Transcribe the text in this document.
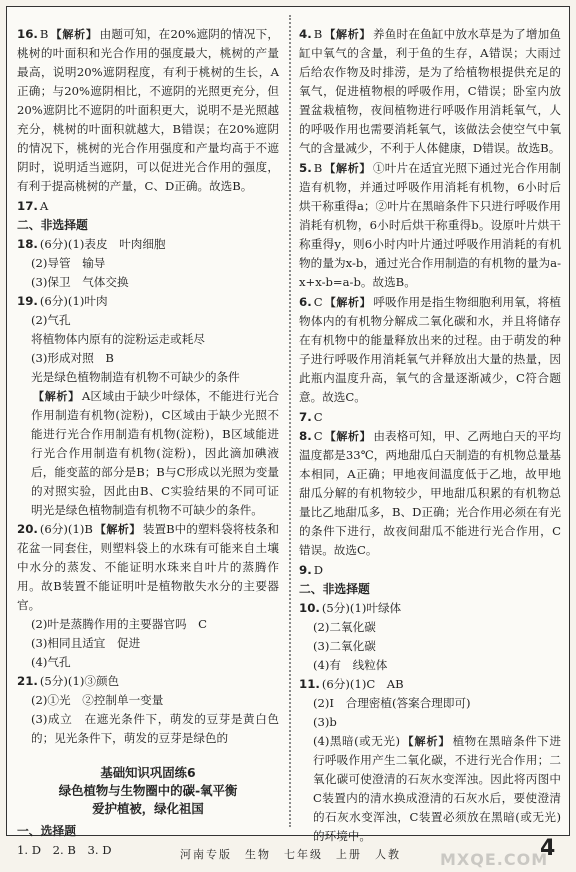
16. B 【解析】 由题可知，在20%遮阴的情况下，桃树的叶面积和光合作用的强度最大，桃树的产量最高，说明20%遮阴程度，有利于桃树的生长，A正确；与20%遮阴相比，不遮阴的光照更充分，但20%遮阴比不遮阴的叶面积更大，说明不是光照越充分，桃树的叶面积就越大，B错误；在20%遮阴的情况下，桃树的光合作用强度和产量均高于不遮阴时，说明适当遮阴，可以促进光合作用的强度，有利于提高桃树的产量，C、D正确。故选B。
17. A
二、非选择题
18. (6分)(1)表皮　叶肉细胞
(2)导管　输导
(3)保卫　气体交换
19. (6分)(1)叶肉
(2)气孔
将植物体内原有的淀粉运走或耗尽
(3)形成对照　B
光是绿色植物制造有机物不可缺少的条件
【解析】 A区域由于缺少叶绿体，不能进行光合作用制造有机物(淀粉)，C区域由于缺少光照不能进行光合作用制造有机物(淀粉)，B区域能进行光合作用制造有机物(淀粉)，因此滴加碘液后，能变蓝的部分是B；B与C形成以光照为变量的对照实验，因此由B、C实验结果的不同可证明光是绿色植物制造有机物不可缺少的条件。
20. (6分)(1)B 【解析】 装置B中的塑料袋将枝条和花盆一同套住，则塑料袋上的水珠有可能来自土壤中水分的蒸发、不能证明水珠来自叶片的蒸腾作用。故B装置不能证明叶是植物散失水分的主要器官。
(2)叶是蒸腾作用的主要器官吗　C
(3)相同且适宜　促进
(4)气孔
21. (5分)(1)③颜色
(2)①光　②控制单一变量
(3)成立　在遮光条件下，萌发的豆芽是黄白色的；见光条件下，萌发的豆芽是绿色的
基础知识巩固练6
绿色植物与生物圈中的碳-氧平衡
爱护植被，绿化祖国
一、选择题
1. D　2. B　3. D
4. B 【解析】 养鱼时在鱼缸中放水草是为了增加鱼缸中氧气的含量，利于鱼的生存，A错误；大雨过后给农作物及时排涝，是为了给植物根提供充足的氧气，促进植物根的呼吸作用，C错误；卧室内放置盆栽植物，夜间植物进行呼吸作用消耗氧气，人的呼吸作用也需要消耗氧气，该做法会使空气中氧气的含量减少，不利于人体健康，D错误。故选B。
5. B 【解析】 ①叶片在适宜光照下通过光合作用制造有机物，并通过呼吸作用消耗有机物，6小时后烘干称重得a；②叶片在黑暗条件下只进行呼吸作用消耗有机物，6小时后烘干称重得b。设原叶片烘干称重得y，则6小时内叶片通过呼吸作用消耗的有机物的量为x-b，通过光合作用制造的有机物的量为a-x+x-b=a-b。故选B。
6. C 【解析】 呼吸作用是指生物细胞利用氧，将植物体内的有机物分解成二氧化碳和水，并且将储存在有机物中的能量释放出来的过程。由于萌发的种子进行呼吸作用消耗氧气并释放出大量的热量，因此瓶内温度升高，氧气的含量逐渐减少，C符合题意。故选C。
7. C
8. C 【解析】 由表格可知，甲、乙两地白天的平均温度都是33℃，两地甜瓜白天制造的有机物总量基本相同，A正确；甲地夜间温度低于乙地，故甲地甜瓜分解的有机物较少，甲地甜瓜积累的有机物总量比乙地甜瓜多，B、D正确；光合作用必须在有光的条件下进行，故夜间甜瓜不能进行光合作用，C错误。故选C。
9. D
二、非选择题
10. (5分)(1)叶绿体
(2)二氧化碳
(3)二氧化碳
(4)有　线粒体
11. (6分)(1)C　AB
(2)Ⅰ　合理密植(答案合理即可)
(3)b
(4)黑暗(或无光) 【解析】 植物在黑暗条件下进行呼吸作用产生二氧化碳，不进行光合作用；二氧化碳可使澄清的石灰水变浑浊。因此将丙图中C装置内的清水换成澄清的石灰水后，要使澄清的石灰水变浑浊，C装置必须放在黑暗(或无光)的环境中。
河南专版　生物　七年级　上册　人教 MXQE.COM
4
